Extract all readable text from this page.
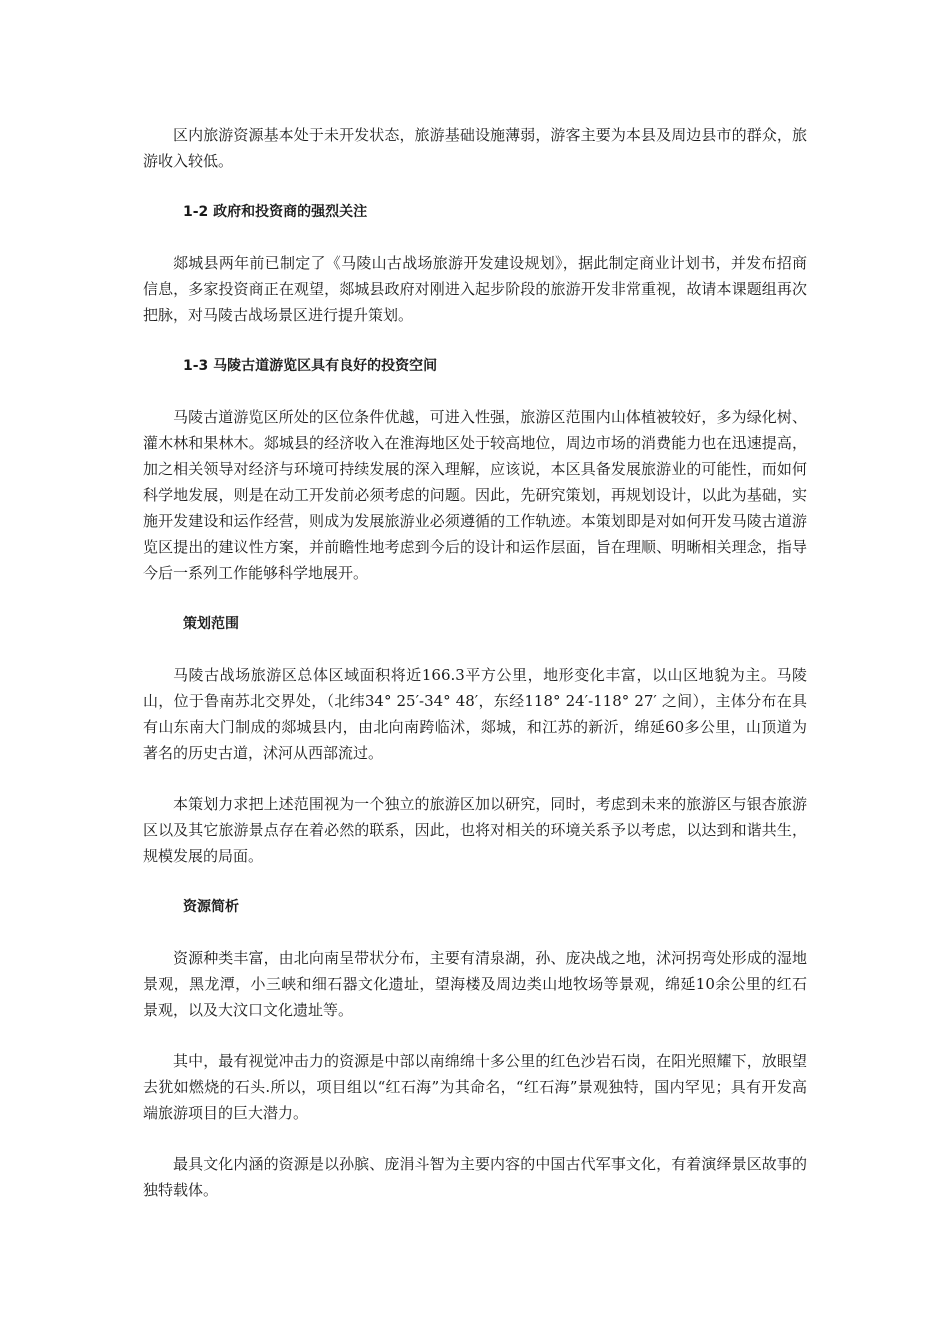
区内旅游资源基本处于未开发状态，旅游基础设施薄弱，游客主要为本县及周边县市的群众，旅游收入较低。

1-2 政府和投资商的强烈关注

郯城县两年前已制定了《马陵山古战场旅游开发建设规划》，据此制定商业计划书，并发布招商信息，多家投资商正在观望，郯城县政府对刚进入起步阶段的旅游开发非常重视，故请本课题组再次把脉，对马陵古战场景区进行提升策划。

1-3 马陵古道游览区具有良好的投资空间

马陵古道游览区所处的区位条件优越，可进入性强，旅游区范围内山体植被较好，多为绿化树、灌木林和果林木。郯城县的经济收入在淮海地区处于较高地位，周边市场的消费能力也在迅速提高，加之相关领导对经济与环境可持续发展的深入理解，应该说，本区具备发展旅游业的可能性，而如何科学地发展，则是在动工开发前必须考虑的问题。因此，先研究策划，再规划设计，以此为基础，实施开发建设和运作经营，则成为发展旅游业必须遵循的工作轨迹。本策划即是对如何开发马陵古道游览区提出的建议性方案，并前瞻性地考虑到今后的设计和运作层面，旨在理顺、明晰相关理念，指导今后一系列工作能够科学地展开。

策划范围

马陵古战场旅游区总体区域面积将近166.3平方公里，地形变化丰富，以山区地貌为主。马陵山，位于鲁南苏北交界处，（北纬34° 25′-34° 48′，东经118° 24′-118° 27′ 之间），主体分布在具有山东南大门制成的郯城县内，由北向南跨临沭，郯城，和江苏的新沂，绵延60多公里，山顶道为著名的历史古道，沭河从西部流过。

本策划力求把上述范围视为一个独立的旅游区加以研究，同时，考虑到未来的旅游区与银杏旅游区以及其它旅游景点存在着必然的联系，因此，也将对相关的环境关系予以考虑，以达到和谐共生，规模发展的局面。

资源简析

资源种类丰富，由北向南呈带状分布，主要有清泉湖，孙、庞决战之地，沭河拐弯处形成的湿地景观，黑龙潭，小三峡和细石器文化遗址，望海楼及周边类山地牧场等景观，绵延10余公里的红石景观，以及大汶口文化遗址等。

其中，最有视觉冲击力的资源是中部以南绵绵十多公里的红色沙岩石岗，在阳光照耀下，放眼望去犹如燃烧的石头.所以，项目组以“红石海”为其命名，“红石海”景观独特，国内罕见；具有开发高端旅游项目的巨大潜力。

最具文化内涵的资源是以孙膑、庞涓斗智为主要内容的中国古代军事文化，有着演绎景区故事的独特载体。
